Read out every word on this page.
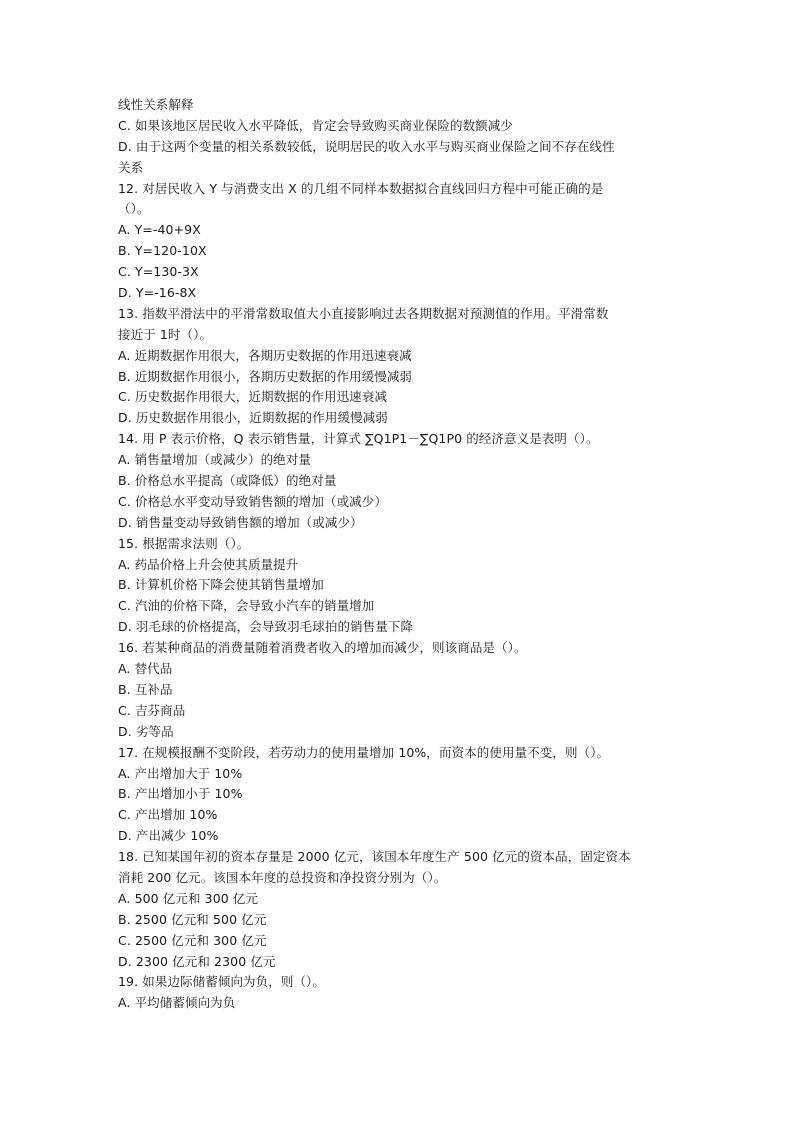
线性关系解释
C. 如果该地区居民收入水平降低，肯定会导致购买商业保险的数额减少
D. 由于这两个变量的相关系数较低，说明居民的收入水平与购买商业保险之间不存在线性
关系
12. 对居民收入 Y 与消费支出 X 的几组不同样本数据拟合直线回归方程中可能正确的是
（）。
A. Y=-40+9X
B. Y=120-10X
C. Y=130-3X
D. Y=-16-8X
13. 指数平滑法中的平滑常数取值大小直接影响过去各期数据对预测值的作用。平滑常数
接近于 1时（）。
A. 近期数据作用很大，各期历史数据的作用迅速衰减
B. 近期数据作用很小，各期历史数据的作用缓慢减弱
C. 历史数据作用很大，近期数据的作用迅速衰减
D. 历史数据作用很小，近期数据的作用缓慢减弱
14. 用 P 表示价格，Q 表示销售量，计算式 ∑Q1P1－∑Q1P0 的经济意义是表明（）。
A. 销售量增加（或减少）的绝对量
B. 价格总水平提高（或降低）的绝对量
C. 价格总水平变动导致销售额的增加（或减少）
D. 销售量变动导致销售额的增加（或减少）
15. 根据需求法则（）。
A. 药品价格上升会使其质量提升
B. 计算机价格下降会使其销售量增加
C. 汽油的价格下降，会导致小汽车的销量增加
D. 羽毛球的价格提高，会导致羽毛球拍的销售量下降
16. 若某种商品的消费量随着消费者收入的增加而减少，则该商品是（）。
A. 替代品
B. 互补品
C. 吉芬商品
D. 劣等品
17. 在规模报酬不变阶段，若劳动力的使用量增加 10%，而资本的使用量不变，则（）。
A. 产出增加大于 10%
B. 产出增加小于 10%
C. 产出增加 10%
D. 产出减少 10%
18. 已知某国年初的资本存量是 2000 亿元，该国本年度生产 500 亿元的资本品，固定资本
消耗 200 亿元。该国本年度的总投资和净投资分别为（）。
A. 500 亿元和 300 亿元
B. 2500 亿元和 500 亿元
C. 2500 亿元和 300 亿元
D. 2300 亿元和 2300 亿元
19. 如果边际储蓄倾向为负，则（）。
A. 平均储蓄倾向为负
